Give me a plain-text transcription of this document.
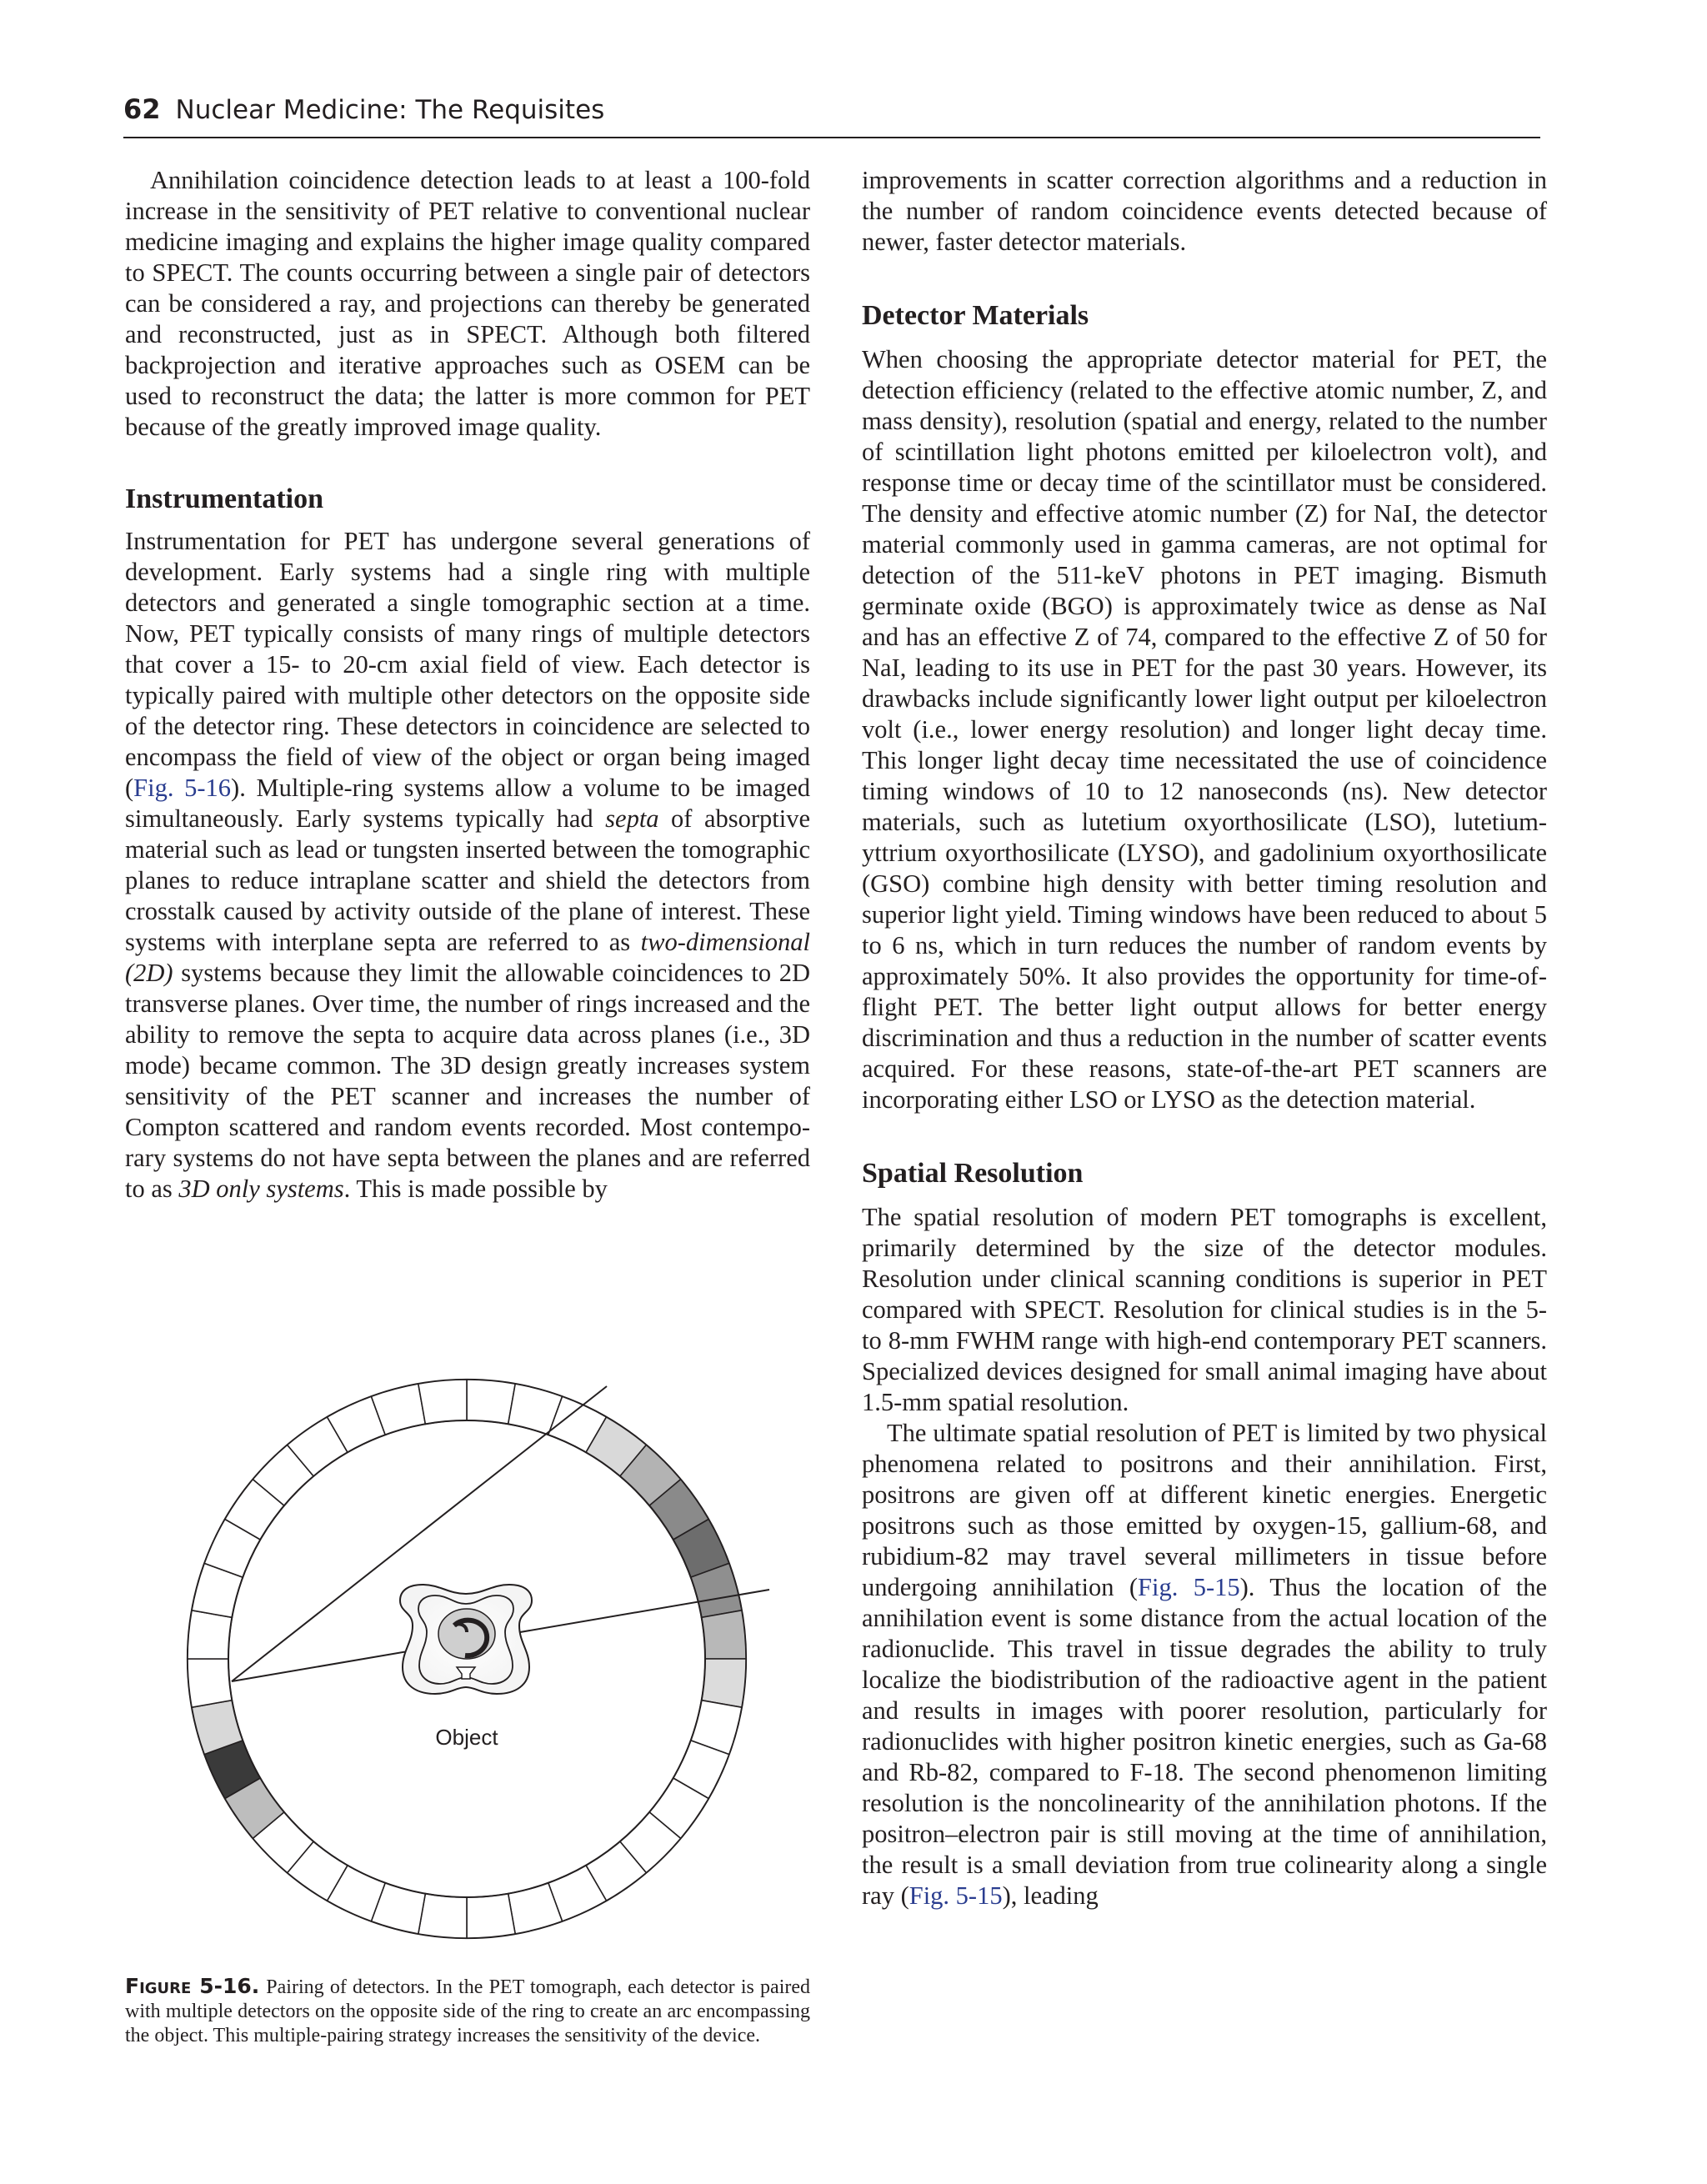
62 Nuclear Medicine: The Requisites

Annihilation coincidence detection leads to at least a 100-fold increase in the sensitivity of PET relative to conventional nuclear medicine imaging and explains the higher image quality compared to SPECT. The counts occurring between a single pair of detectors can be considered a ray, and projections can thereby be generated and reconstructed, just as in SPECT. Although both filtered backprojection and iterative approaches such as OSEM can be used to reconstruct the data; the latter is more common for PET because of the greatly improved image quality.

Instrumentation

Instrumentation for PET has undergone several generations of development. Early systems had a single ring with multiple detectors and generated a single tomographic section at a time. Now, PET typically consists of many rings of multiple detectors that cover a 15- to 20-cm axial field of view. Each detector is typically paired with multiple other detectors on the opposite side of the detector ring. These detectors in coincidence are selected to encompass the field of view of the object or organ being imaged (Fig. 5-16). Multiple-ring systems allow a volume to be imaged simultaneously. Early systems typically had septa of absorptive material such as lead or tungsten inserted between the tomographic planes to reduce intraplane scatter and shield the detectors from crosstalk caused by activity outside of the plane of interest. These systems with interplane septa are referred to as two-dimensional (2D) systems because they limit the allowable coincidences to 2D transverse planes. Over time, the number of rings increased and the ability to remove the septa to acquire data across planes (i.e., 3D mode) became common. The 3D design greatly increases system sensitivity of the PET scanner and increases the number of Compton scattered and random events recorded. Most contemporary systems do not have septa between the planes and are referred to as 3D only systems. This is made possible by

Object
Figure 5-16. Pairing of detectors. In the PET tomograph, each detector is paired with multiple detectors on the opposite side of the ring to create an arc encompassing the object. This multiple-pairing strategy increases the sensitivity of the device.

improvements in scatter correction algorithms and a reduction in the number of random coincidence events detected because of newer, faster detector materials.

Detector Materials

When choosing the appropriate detector material for PET, the detection efficiency (related to the effective atomic number, Z, and mass density), resolution (spatial and energy, related to the number of scintillation light photons emitted per kiloelectron volt), and response time or decay time of the scintillator must be considered. The density and effective atomic number (Z) for NaI, the detector material commonly used in gamma cameras, are not optimal for detection of the 511-keV photons in PET imaging. Bismuth germinate oxide (BGO) is approximately twice as dense as NaI and has an effective Z of 74, compared to the effective Z of 50 for NaI, leading to its use in PET for the past 30 years. However, its drawbacks include significantly lower light output per kiloelectron volt (i.e., lower energy resolution) and longer light decay time. This longer light decay time necessitated the use of coincidence timing windows of 10 to 12 nanoseconds (ns). New detector materials, such as lutetium oxyorthosilicate (LSO), lutetium-yttrium oxyorthosilicate (LYSO), and gadolinium oxyorthosilicate (GSO) combine high density with better timing resolution and superior light yield. Timing windows have been reduced to about 5 to 6 ns, which in turn reduces the number of random events by approximately 50%. It also provides the opportunity for time-of-flight PET. The better light output allows for better energy discrimination and thus a reduction in the number of scatter events acquired. For these reasons, state-of-the-art PET scanners are incorporating either LSO or LYSO as the detection material.

Spatial Resolution

The spatial resolution of modern PET tomographs is excellent, primarily determined by the size of the detector modules. Resolution under clinical scanning conditions is superior in PET compared with SPECT. Resolution for clinical studies is in the 5- to 8-mm FWHM range with high-end contemporary PET scanners. Specialized devices designed for small animal imaging have about 1.5-mm spatial resolution.

The ultimate spatial resolution of PET is limited by two physical phenomena related to positrons and their annihilation. First, positrons are given off at different kinetic energies. Energetic positrons such as those emitted by oxygen-15, gallium-68, and rubidium-82 may travel several millimeters in tissue before undergoing annihilation (Fig. 5-15). Thus the location of the annihilation event is some distance from the actual location of the radionuclide. This travel in tissue degrades the ability to truly localize the biodistribution of the radioactive agent in the patient and results in images with poorer resolution, particularly for radionuclides with higher positron kinetic energies, such as Ga-68 and Rb-82, compared to F-18. The second phenomenon limiting resolution is the noncolinearity of the annihilation photons. If the positron–electron pair is still moving at the time of annihilation, the result is a small deviation from true colinearity along a single ray (Fig. 5-15), leading
